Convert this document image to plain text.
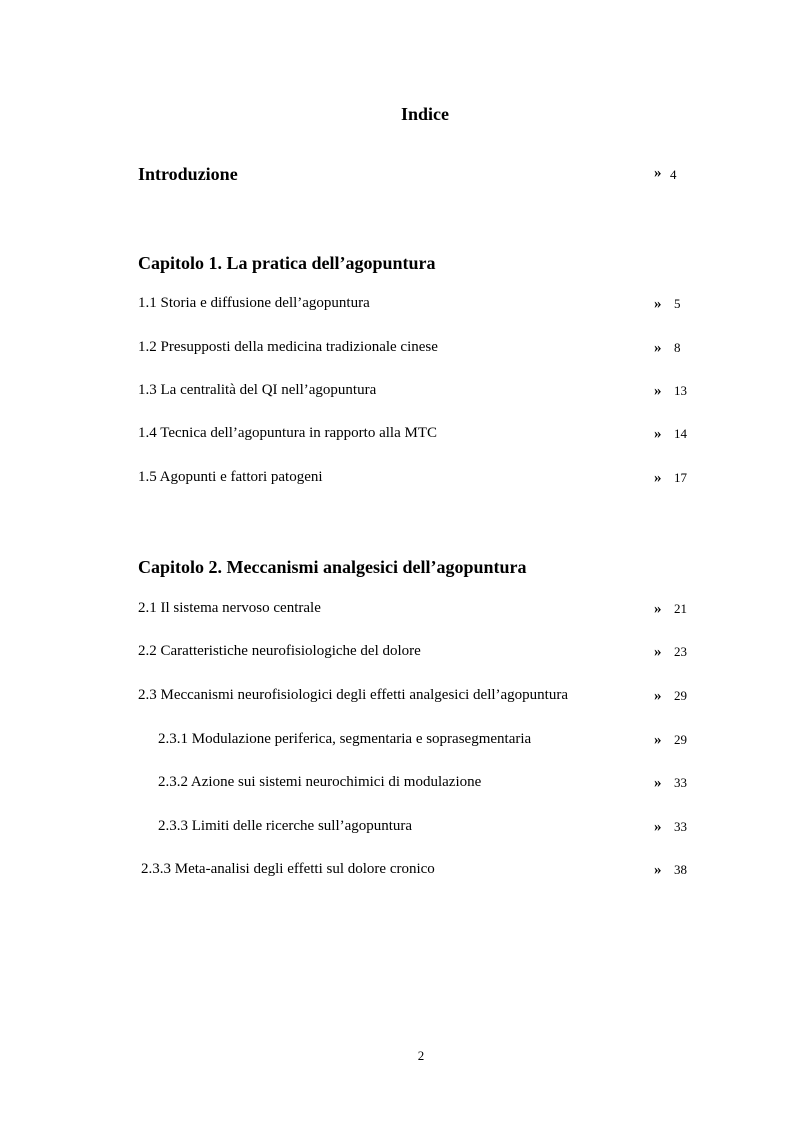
Indice
Introduzione	» 4
Capitolo 1. La pratica dell’agopuntura
1.1 Storia e diffusione dell’agopuntura	» 5
1.2 Presupposti della medicina tradizionale cinese	» 8
1.3 La centralità del QI nell’agopuntura	» 13
1.4 Tecnica dell’agopuntura in rapporto alla MTC	» 14
1.5 Agopunti e fattori patogeni	» 17
Capitolo 2. Meccanismi analgesici dell’agopuntura
2.1 Il sistema nervoso centrale	» 21
2.2 Caratteristiche neurofisiologiche del dolore	» 23
2.3 Meccanismi neurofisiologici degli effetti analgesici dell’agopuntura	» 29
2.3.1 Modulazione periferica, segmentaria e soprasegmentaria	» 29
2.3.2 Azione sui sistemi neurochimici di modulazione	» 33
2.3.3 Limiti delle ricerche sull’agopuntura	» 33
2.3.3 Meta-analisi degli effetti sul dolore cronico	» 38
2
